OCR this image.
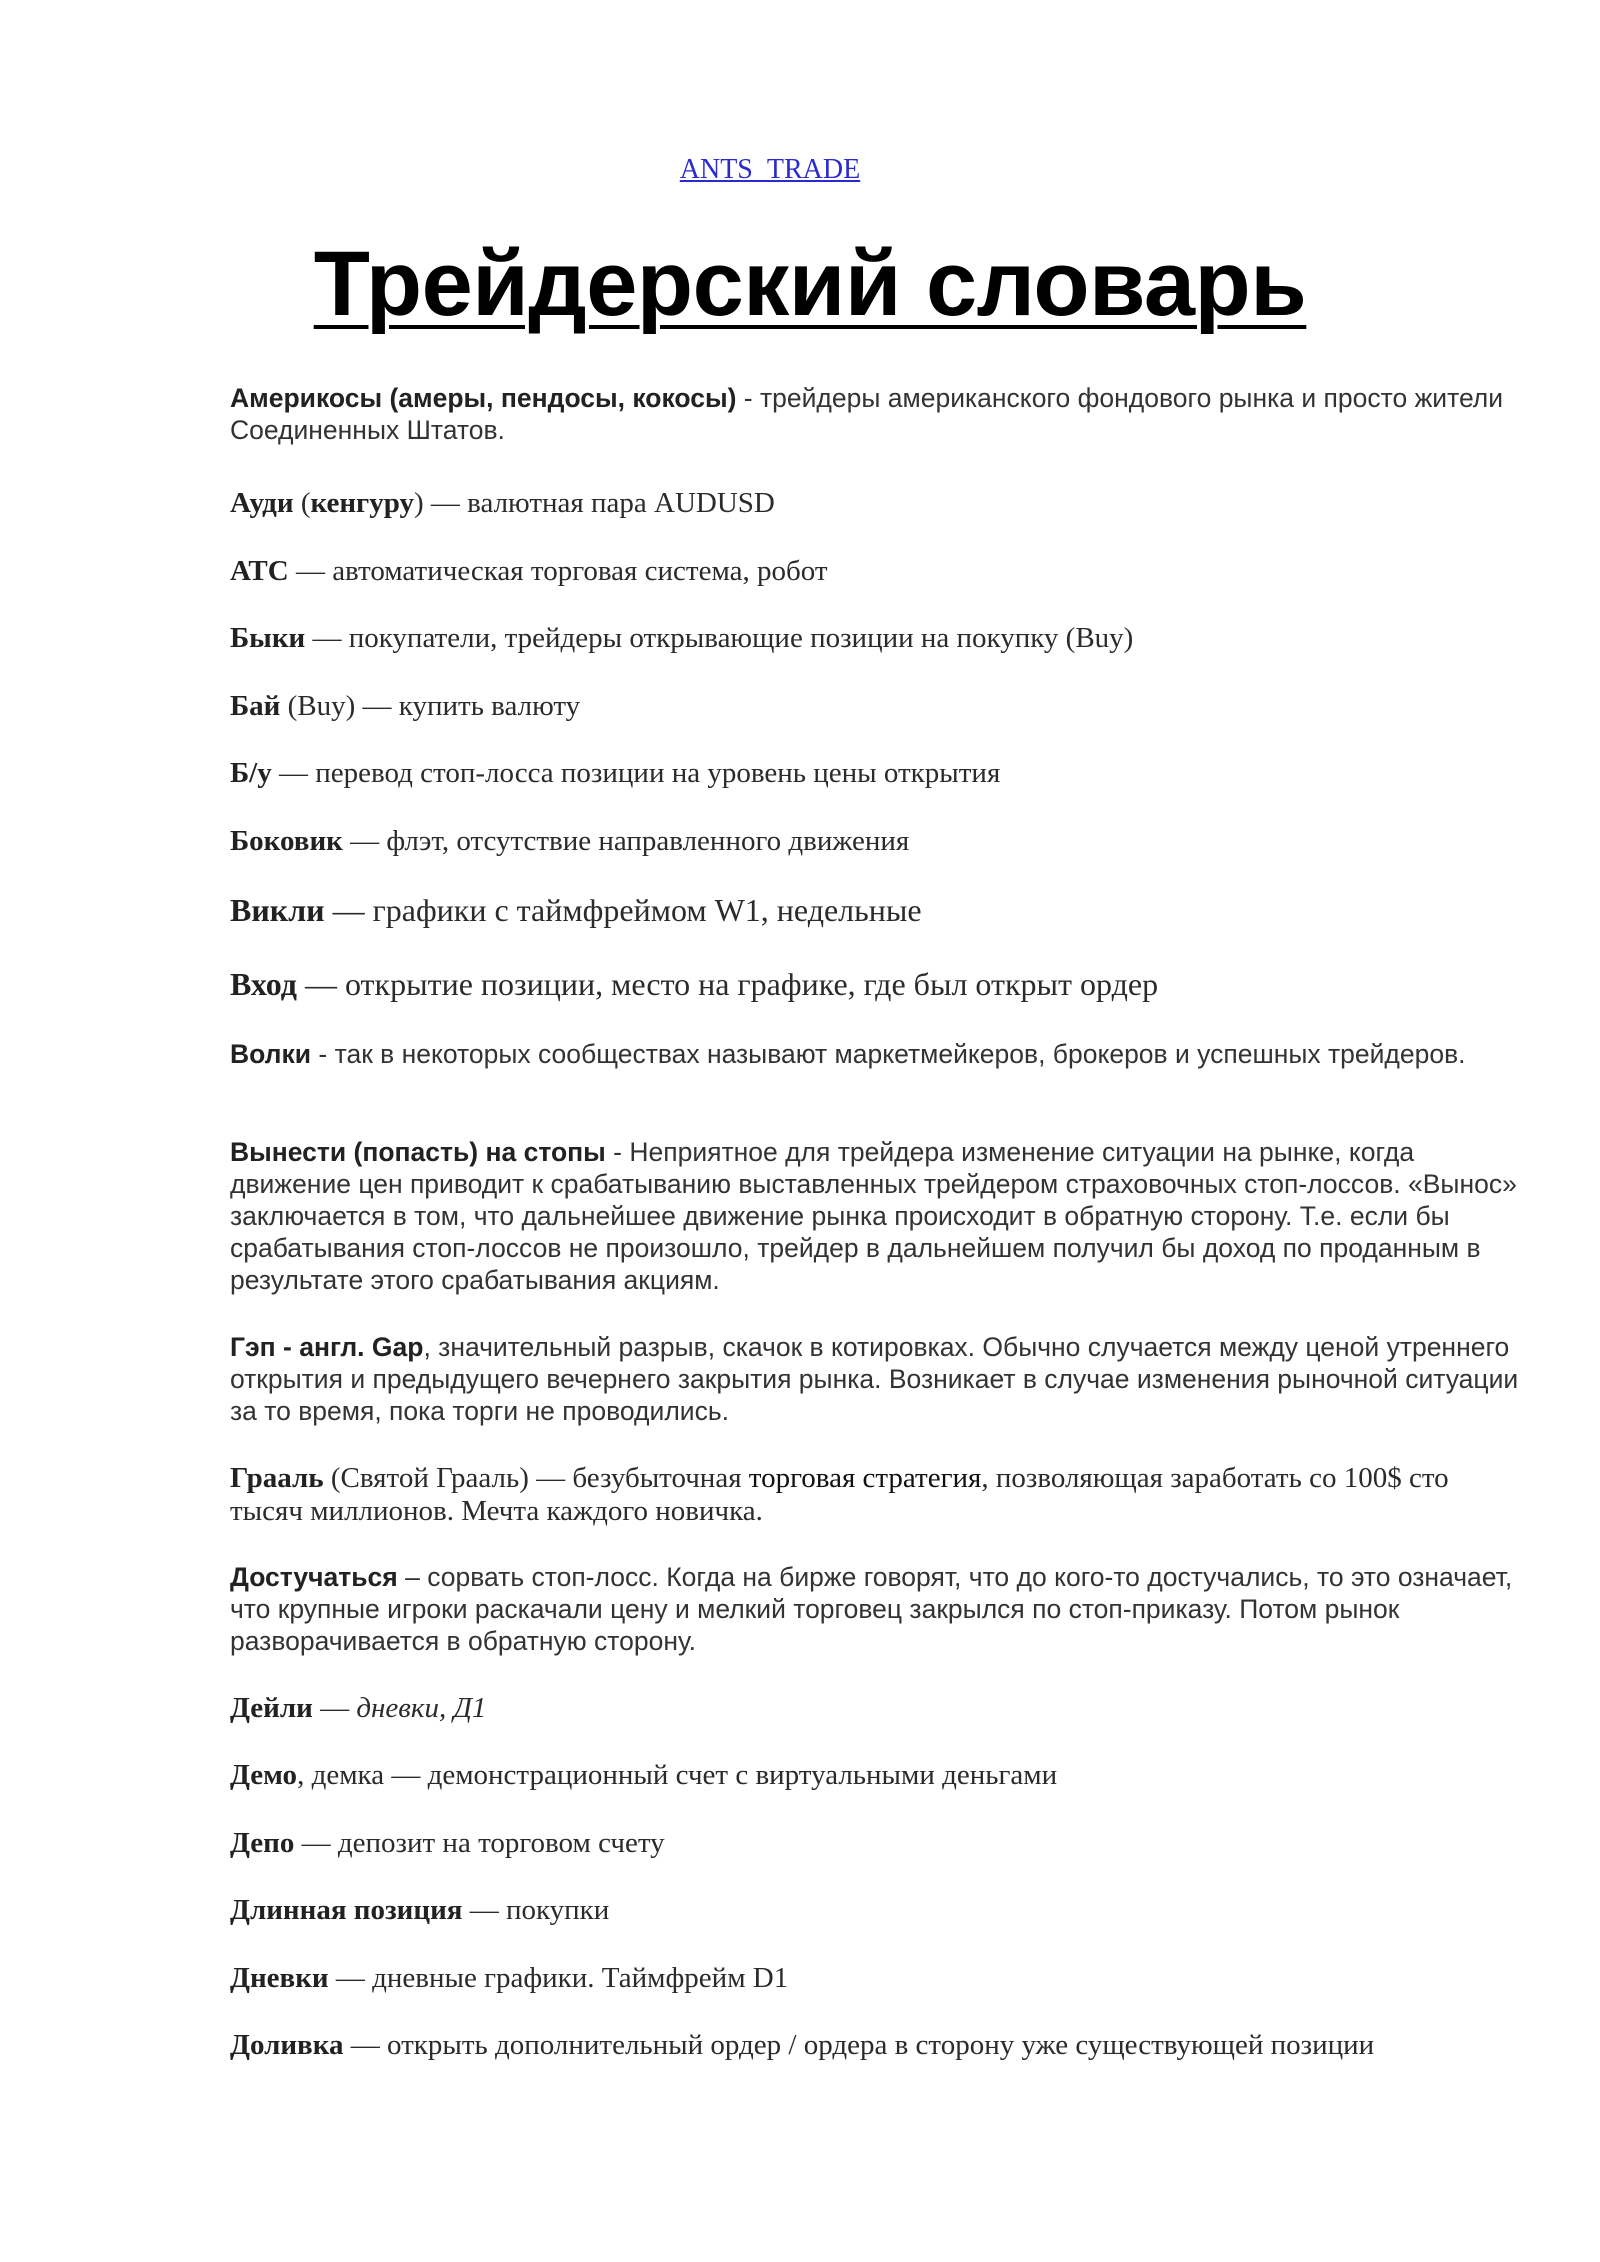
ANTS_TRADE
Трейдерский словарь

Америкосы (амеры, пендосы, кокосы) - трейдеры американского фондового рынка и просто жители Соединенных Штатов.

Ауди (кенгуру) — валютная пара AUDUSD

АТС — автоматическая торговая система, робот

Быки — покупатели, трейдеры открывающие позиции на покупку (Buy)

Бай (Buy) — купить валюту

Б/у — перевод стоп-лосса позиции на уровень цены открытия

Боковик — флэт, отсутствие направленного движения

Викли — графики с таймфреймом W1, недельные

Вход — открытие позиции, место на графике, где был открыт ордер

Волки - так в некоторых сообществах называют маркетмейкеров, брокеров и успешных трейдеров.

Вынести (попасть) на стопы - Неприятное для трейдера изменение ситуации на рынке, когда движение цен приводит к срабатыванию выставленных трейдером страховочных стоп-лоссов. «Вынос» заключается в том, что дальнейшее движение рынка происходит в обратную сторону. Т.е. если бы срабатывания стоп-лоссов не произошло, трейдер в дальнейшем получил бы доход по проданным в результате этого срабатывания акциям.

Гэп - англ. Gap, значительный разрыв, скачок в котировках. Обычно случается между ценой утреннего открытия и предыдущего вечернего закрытия рынка. Возникает в случае изменения рыночной ситуации за то время, пока торги не проводились.

Грааль (Святой Грааль) — безубыточная торговая стратегия, позволяющая заработать со 100$ сто тысяч миллионов. Мечта каждого новичка.

Достучаться – сорвать стоп-лосс. Когда на бирже говорят, что до кого-то достучались, то это означает, что крупные игроки раскачали цену и мелкий торговец закрылся по стоп-приказу. Потом рынок разворачивается в обратную сторону.

Дейли — дневки, Д1

Демо, демка — демонстрационный счет с виртуальными деньгами

Депо — депозит на торговом счету

Длинная позиция — покупки

Дневки — дневные графики. Таймфрейм D1

Доливка — открыть дополнительный ордер / ордера в сторону уже существующей позиции
